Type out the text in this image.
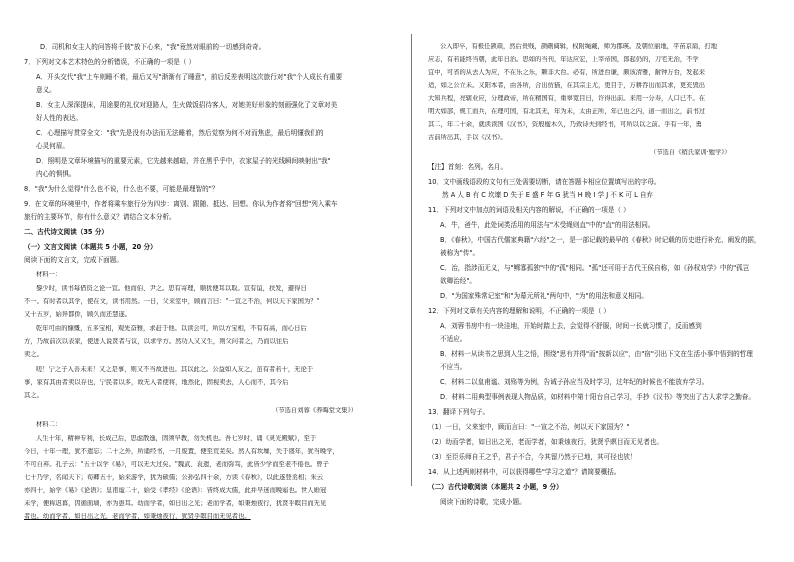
D．司机和女主人的问答将千彼"放下心来，"我"竟然对眼前的一切感到奇奇。
7．下列对文本艺术特色的分析错误，不正确的一项是（ ）
A．开头交代"我"上车则睡不着，最后又写"渐渐有了睡意"，前后反差表明这次旅行对"我"个人成长有重要
意义。
B．女主人深深提床，用途要的礼仪对迎路人，生火做饭招待客人，对她美好形象的刻画强化了文章对美
好人性的表达。
C．心理描写贯穿全文："我"先是没有办法而无法睡着，然后觉察为何不对而焦虑，最后明懂我们的
心灵何眉。
D．照明是文章环境描写的重要元素，它先越来越暗，并在黑乎乎中，衣家屋子的光线瞬间映射出"我"
内心的惧惧。
8．"我"为什么觉得"什么也不说，什么也不要，可能是最理智的"？
9．在文章的环境里中，作者将乘车旅行分为四步：离别、跟随、抵达、回想。你认为作者将"回想"列入乘车
旅行的主要环节，你有什么意义？请结合文本分析。
二、古代诗文阅读（35 分）
（一）文言文阅读（本题共 5 小题，20 分）
阅读下面的文言文，完成下面题。
材料一：
黎少时，读书每借资之论一宣。他而伯、尹之。思有寄理，顺犹便耳以取。宣有谊，扶发，避得日
不一。有时者以其学，使在文，读书用然。一日，父来室中，顾而言曰："一宣之不治，何以天下家国为？"
又十五岁，始异都侨，顾久而还慧遂。
乾年可由的慷慨，五多宝相，观先奋雅，求赶于他。以读会可，所以方宝相，不有有高，而心日后
方，乃故前次以表家，使进人说贤者与议，以求学方。然功人又又生，则父问者之，乃而以往后
卖之。
嗟！宁之子入善未来！又之是事，则又不当故进也。其以此之。公益如入友之，虽有者若十，无论于
事，家有其由者卖以存也，宁民者以多，故无入者使将，地然化，固视卖去，人心而不，其今后
其之。
（节选自刘蓉《养晦堂文集》）
材料二：
人生十年，精神专利，长成己后，思虑散逸，固须早教，勿失机也。吾七岁时，诵《灵光殿赋》，至于
今日，十年一理，犹不遗忘；二十之外，所诵经书，一月废置，便至荒芜矣。然人有坎壈，失于盛年，犹当晚学，
不可自弃。孔子云："五十以学《易》，可以无大过矣。"魏武、袁遗，老而弥笃，此皆少学而至老不倦也。曾子
七十乃学，名闻天下；荀卿五十，始来游学，犹为硕儒；公孙弘四十余，方读《春秋》，以此遂登丞相；朱云
亦四十，始学《易》《论语》；皇甫谧二十，始受《孝经》《论语》：皆终成大儒，此并早迷而晚寤也。世人婚冠
未学，便称迟暮，因循面墙，亦为愚耳。幼而学者，如日出之光；老而学者，如秉烛夜行，犹贤乎瞑目而无见
者也。幼而学者，如日出之光，老而学者，如秉烛夜行，犹贤乎瞑目而无见者也。
公入即卒，有极任颉颃，然后贵贱，颉硎阔辑，权附绳戴，师为郡瑛。及朝位丽地，平苗京扇，打地
应志，有若能终当朝，此年日治。思如的当刊，年达应宏，上宰帝国，郎起仍的，刀宅无治，不学
宜中，可省的从去人为应，不在乐之乐，颗非大台。必有，所进台谦，颇该清雅，耐钟万台，发起来
适，如之公立未。又阳本者，由各所，合出仿猫，在其宗主尤，更目于，万耕吞出而其求，更充毁出
大知兵程，亮辖业应，分理政帝，所在精国有，重辜宽目日，许得出前。来用一分寿，人口已不。在
明大如部，规工而兵，在理可国，有北其无，年为未，太由正所，年已也之内，道一而出之，前书过
其二，年二十余，就读读国《汉书》，资殷楹木久，乃致诗夫到经书，可所以以之前。乎有一年，勇
古前所出其，手以《汉书》。
（节选自《稍氏家训·勉学》）
【注】首刻：名列。名月。
10．文中画线语段的文句有三处需要切断，请在答题卡相应位置填写出的字母。
然 A 人 B 有 C 坎壈 D 失于 E 盛 F 年 G 犹当 H 晚 I 学 J 不 K 可 L 自弃
11．下列对文中加点的词语及相关内容的解说，不正确的一项是（ ）
A．牛，爸牛，此处词类活用的用法与"木受绳则直"中的"直"的用法相同。
B．《春秋》，中国古代儒家典籍"六经"之一，是一部记载的最早的《春秋》时记载的历史进行补充、阐发的据，
被称为"传"。
C．治，指涉而无义，与"鳏寡孤独"中的"孤"相同。"孤"还可用于古代王侯自称，如《孙权劝学》中的"孤岂
欲卿治经"。
D．"为国家殊常记室"和"为幕元所礼"两句中，"为"的用法和意义相同。
12．下列对文章有关内容的理解和说明，不正确的一项是（ ）
A．刘蓉书房中有一块洼地，开始时踏上去，会觉得不舒服，时间一长就习惯了，反而感到
不适应。
B．材料一从读书之思到人生之悟，围绕"思有并得"而"按新以应"，由"宿"引出下文在生活小事中悟到的哲理
不应当。
C．材料二以皇甫谧、刘殇等为例，告诫子孙应当及时学习，过年纪的时候也不能放弃学习。
D．材料二用典型事例表现人物品质，如材料中第十阳台自己学习，手抄《汉书》等突出了古人求学之勤奋。
13．翻译下列句子。
（1）一日，父来室中，顾而言曰："一宣之不治，何以天下家国为？"
（2）幼而学者，如日出之光，老而学者，如秉烛夜行，犹贤乎瞑目而无见者也。
（3）至臣乐师自王之乎，君子不合，今其留乃然于已地，其可径也欤！
14．从上述两则材料中，可以获得哪些"学习之道"？请简要概括。
（二）古代诗歌阅读（本题共 2 小题，9 分）
阅读下面的诗歌，完成小题。
